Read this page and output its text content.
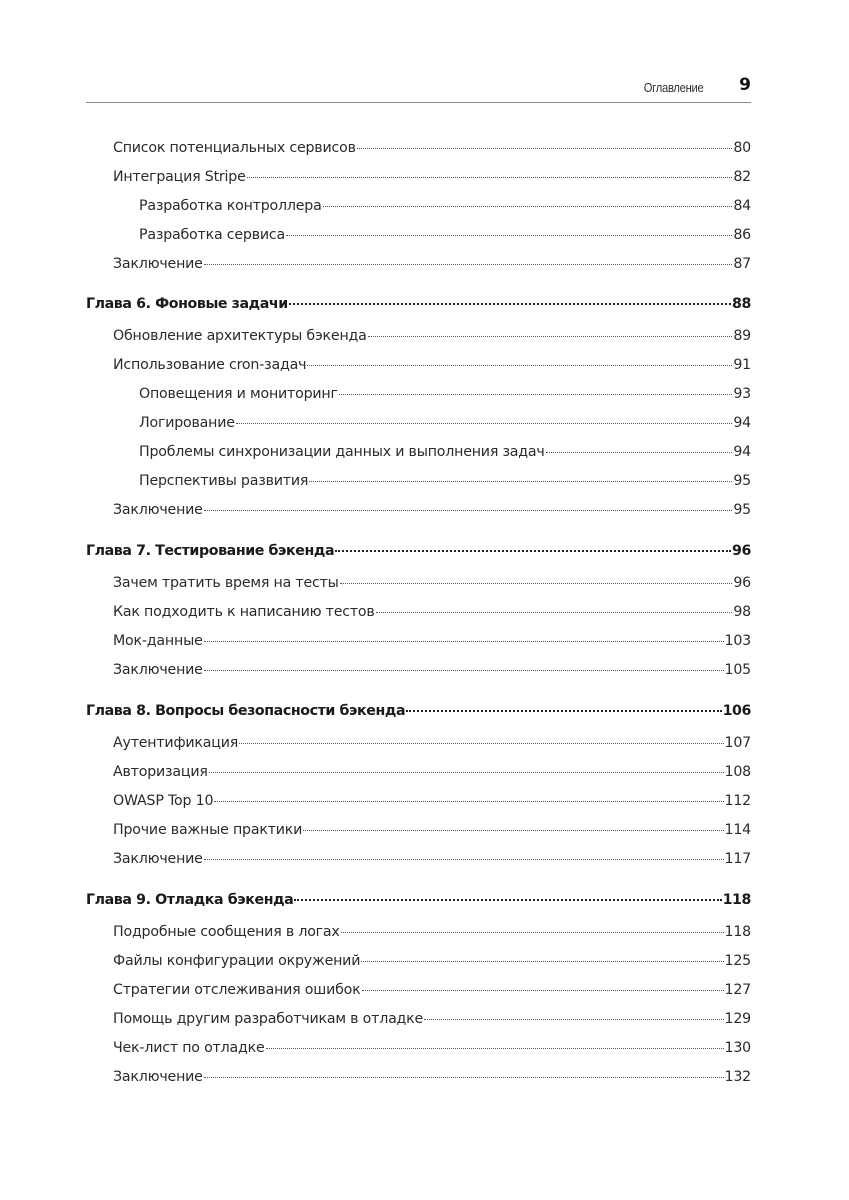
Оглавление 9
Список потенциальных сервисов	80
Интеграция Stripe	82
Разработка контроллера	84
Разработка сервиса	86
Заключение	87
Глава 6. Фоновые задачи	88
Обновление архитектуры бэкенда	89
Использование cron-задач	91
Оповещения и мониторинг	93
Логирование	94
Проблемы синхронизации данных и выполнения задач	94
Перспективы развития	95
Заключение	95
Глава 7. Тестирование бэкенда	96
Зачем тратить время на тесты	96
Как подходить к написанию тестов	98
Мок-данные	103
Заключение	105
Глава 8. Вопросы безопасности бэкенда	106
Аутентификация	107
Авторизация	108
OWASP Top 10	112
Прочие важные практики	114
Заключение	117
Глава 9. Отладка бэкенда	118
Подробные сообщения в логах	118
Файлы конфигурации окружений	125
Стратегии отслеживания ошибок	127
Помощь другим разработчикам в отладке	129
Чек-лист по отладке	130
Заключение	132
